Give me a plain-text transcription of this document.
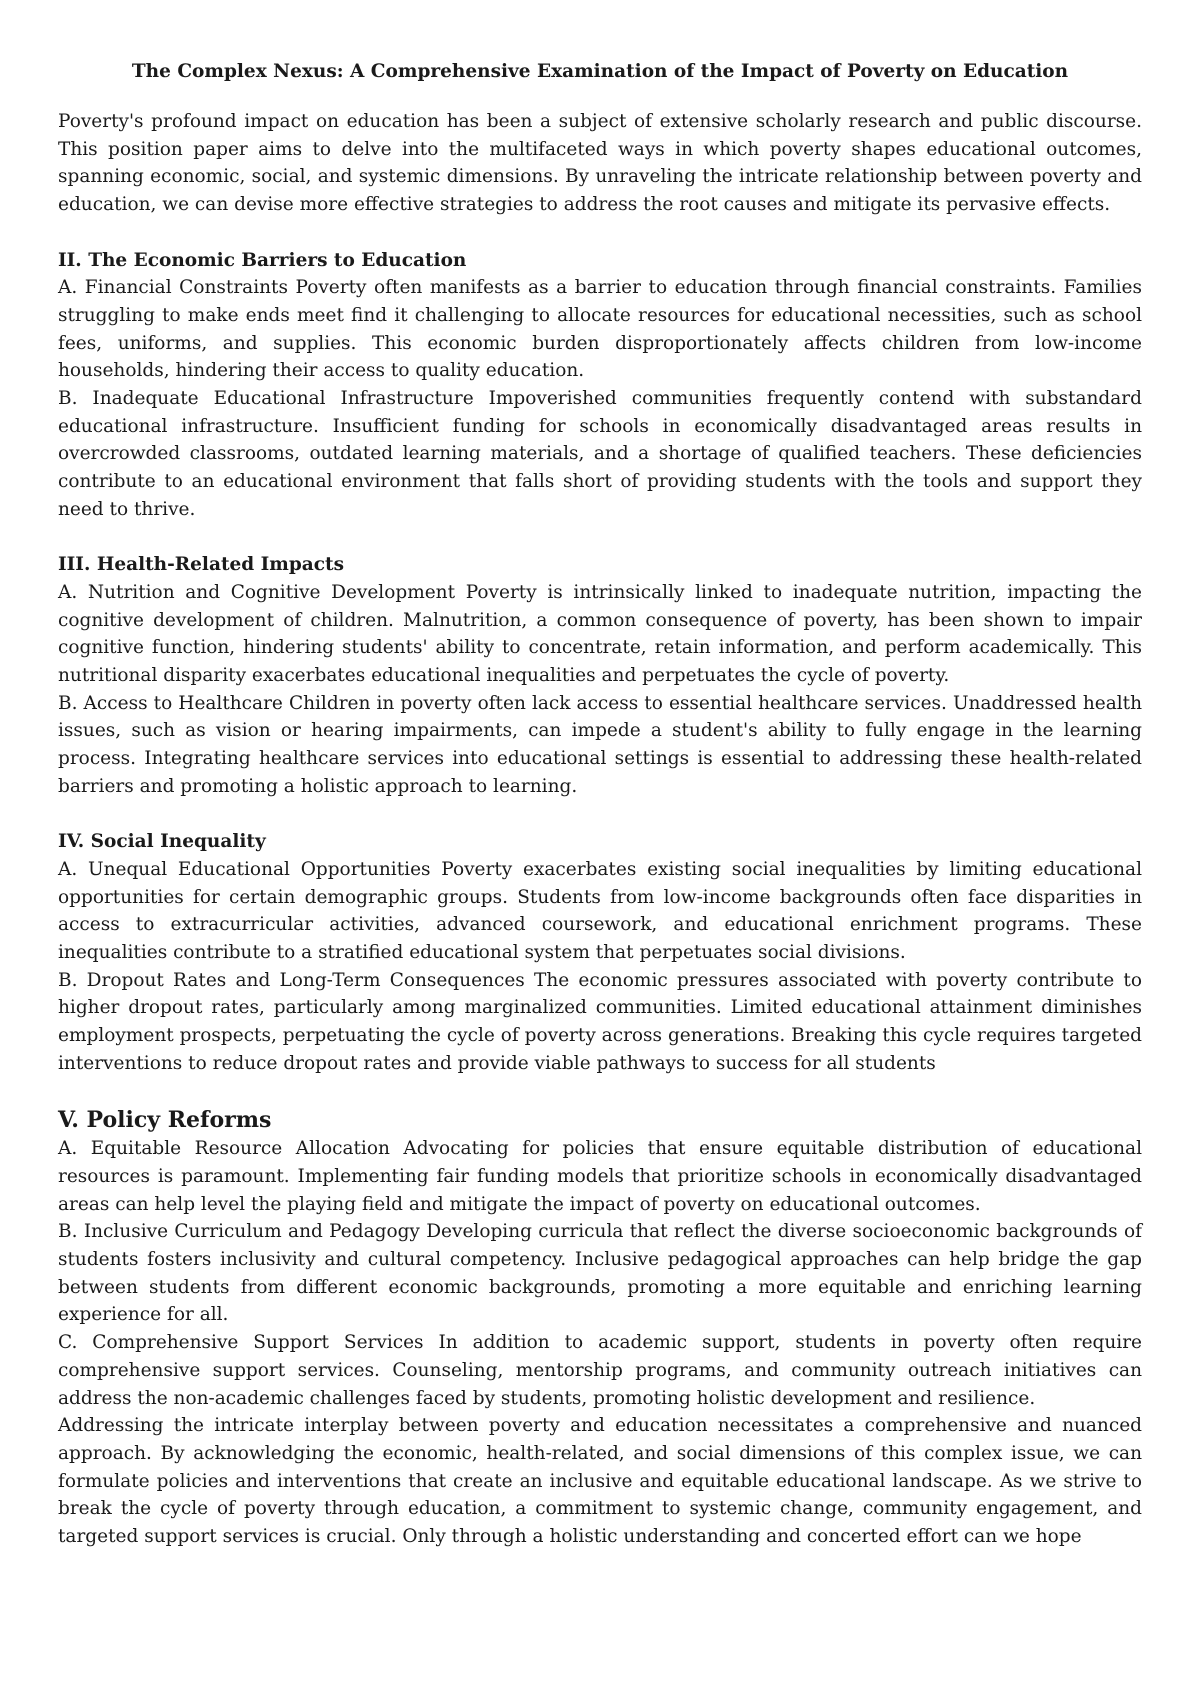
The Complex Nexus: A Comprehensive Examination of the Impact of Poverty on Education

Poverty's profound impact on education has been a subject of extensive scholarly research and public discourse. This position paper aims to delve into the multifaceted ways in which poverty shapes educational outcomes, spanning economic, social, and systemic dimensions. By unraveling the intricate relationship between poverty and education, we can devise more effective strategies to address the root causes and mitigate its pervasive effects.

II. The Economic Barriers to Education

A. Financial Constraints Poverty often manifests as a barrier to education through financial constraints. Families struggling to make ends meet find it challenging to allocate resources for educational necessities, such as school fees, uniforms, and supplies. This economic burden disproportionately affects children from low-income households, hindering their access to quality education.

B. Inadequate Educational Infrastructure Impoverished communities frequently contend with substandard educational infrastructure. Insufficient funding for schools in economically disadvantaged areas results in overcrowded classrooms, outdated learning materials, and a shortage of qualified teachers. These deficiencies contribute to an educational environment that falls short of providing students with the tools and support they need to thrive.

III. Health-Related Impacts

A. Nutrition and Cognitive Development Poverty is intrinsically linked to inadequate nutrition, impacting the cognitive development of children. Malnutrition, a common consequence of poverty, has been shown to impair cognitive function, hindering students' ability to concentrate, retain information, and perform academically. This nutritional disparity exacerbates educational inequalities and perpetuates the cycle of poverty.

B. Access to Healthcare Children in poverty often lack access to essential healthcare services. Unaddressed health issues, such as vision or hearing impairments, can impede a student's ability to fully engage in the learning process. Integrating healthcare services into educational settings is essential to addressing these health-related barriers and promoting a holistic approach to learning.

IV. Social Inequality

A. Unequal Educational Opportunities Poverty exacerbates existing social inequalities by limiting educational opportunities for certain demographic groups. Students from low-income backgrounds often face disparities in access to extracurricular activities, advanced coursework, and educational enrichment programs. These inequalities contribute to a stratified educational system that perpetuates social divisions.

B. Dropout Rates and Long-Term Consequences The economic pressures associated with poverty contribute to higher dropout rates, particularly among marginalized communities. Limited educational attainment diminishes employment prospects, perpetuating the cycle of poverty across generations. Breaking this cycle requires targeted interventions to reduce dropout rates and provide viable pathways to success for all students

V. Policy Reforms

A. Equitable Resource Allocation Advocating for policies that ensure equitable distribution of educational resources is paramount. Implementing fair funding models that prioritize schools in economically disadvantaged areas can help level the playing field and mitigate the impact of poverty on educational outcomes.

B. Inclusive Curriculum and Pedagogy Developing curricula that reflect the diverse socioeconomic backgrounds of students fosters inclusivity and cultural competency. Inclusive pedagogical approaches can help bridge the gap between students from different economic backgrounds, promoting a more equitable and enriching learning experience for all.

C. Comprehensive Support Services In addition to academic support, students in poverty often require comprehensive support services. Counseling, mentorship programs, and community outreach initiatives can address the non-academic challenges faced by students, promoting holistic development and resilience.

Addressing the intricate interplay between poverty and education necessitates a comprehensive and nuanced approach. By acknowledging the economic, health-related, and social dimensions of this complex issue, we can formulate policies and interventions that create an inclusive and equitable educational landscape. As we strive to break the cycle of poverty through education, a commitment to systemic change, community engagement, and targeted support services is crucial. Only through a holistic understanding and concerted effort can we hope
